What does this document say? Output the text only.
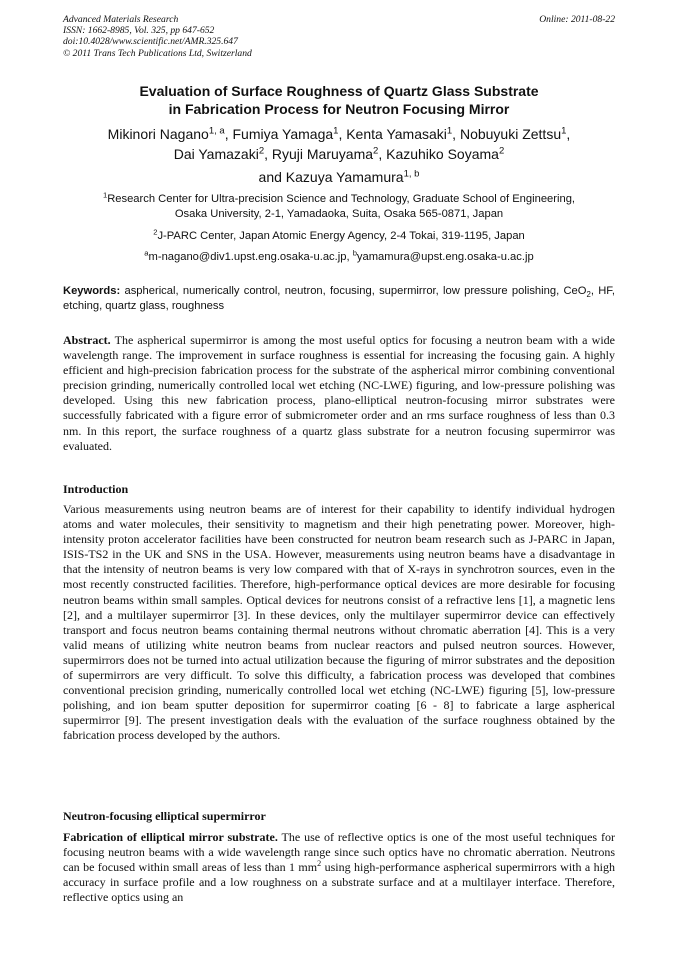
Advanced Materials Research
ISSN: 1662-8985, Vol. 325, pp 647-652
doi:10.4028/www.scientific.net/AMR.325.647
© 2011 Trans Tech Publications Ltd, Switzerland
Online: 2011-08-22
Evaluation of Surface Roughness of Quartz Glass Substrate
in Fabrication Process for Neutron Focusing Mirror
Mikinori Nagano$^{1, a}$, Fumiya Yamaga$^1$, Kenta Yamasaki$^1$, Nobuyuki Zettsu$^1$,
Dai Yamazaki$^2$, Ryuji Maruyama$^2$, Kazuhiko Soyama$^2$
and Kazuya Yamamura$^{1, b}$
$^1$Research Center for Ultra-precision Science and Technology, Graduate School of Engineering,
Osaka University, 2-1, Yamadaoka, Suita, Osaka 565-0871, Japan
$^2$J-PARC Center, Japan Atomic Energy Agency, 2-4 Tokai, 319-1195, Japan
$^a$m-nagano@div1.upst.eng.osaka-u.ac.jp, $^b$yamamura@upst.eng.osaka-u.ac.jp
Keywords: aspherical, numerically control, neutron, focusing, supermirror, low pressure polishing, CeO$_2$, HF, etching, quartz glass, roughness
Abstract. The aspherical supermirror is among the most useful optics for focusing a neutron beam with a wide wavelength range. The improvement in surface roughness is essential for increasing the focusing gain. A highly efficient and high-precision fabrication process for the substrate of the aspherical mirror combining conventional precision grinding, numerically controlled local wet etching (NC-LWE) figuring, and low-pressure polishing was developed. Using this new fabrication process, plano-elliptical neutron-focusing mirror substrates were successfully fabricated with a figure error of submicrometer order and an rms surface roughness of less than 0.3 nm. In this report, the surface roughness of a quartz glass substrate for a neutron focusing supermirror was evaluated.
Introduction
Various measurements using neutron beams are of interest for their capability to identify individual hydrogen atoms and water molecules, their sensitivity to magnetism and their high penetrating power. Moreover, high-intensity proton accelerator facilities have been constructed for neutron beam research such as J-PARC in Japan, ISIS-TS2 in the UK and SNS in the USA. However, measurements using neutron beams have a disadvantage in that the intensity of neutron beams is very low compared with that of X-rays in synchrotron sources, even in the most recently constructed facilities. Therefore, high-performance optical devices are more desirable for focusing neutron beams within small samples. Optical devices for neutrons consist of a refractive lens [1], a magnetic lens [2], and a multilayer supermirror [3]. In these devices, only the multilayer supermirror device can effectively transport and focus neutron beams containing thermal neutrons without chromatic aberration [4]. This is a very valid means of utilizing white neutron beams from nuclear reactors and pulsed neutron sources. However, supermirrors does not be turned into actual utilization because the figuring of mirror substrates and the deposition of supermirrors are very difficult. To solve this difficulty, a fabrication process was developed that combines conventional precision grinding, numerically controlled local wet etching (NC-LWE) figuring [5], low-pressure polishing, and ion beam sputter deposition for supermirror coating [6 - 8] to fabricate a large aspherical supermirror [9]. The present investigation deals with the evaluation of the surface roughness obtained by the fabrication process developed by the authors.
Neutron-focusing elliptical supermirror
Fabrication of elliptical mirror substrate. The use of reflective optics is one of the most useful techniques for focusing neutron beams with a wide wavelength range since such optics have no chromatic aberration. Neutrons can be focused within small areas of less than 1 $mm^2$ using high-performance aspherical supermirrors with a high accuracy in surface profile and a low roughness on a substrate surface and at a multilayer interface. Therefore, reflective optics using an
